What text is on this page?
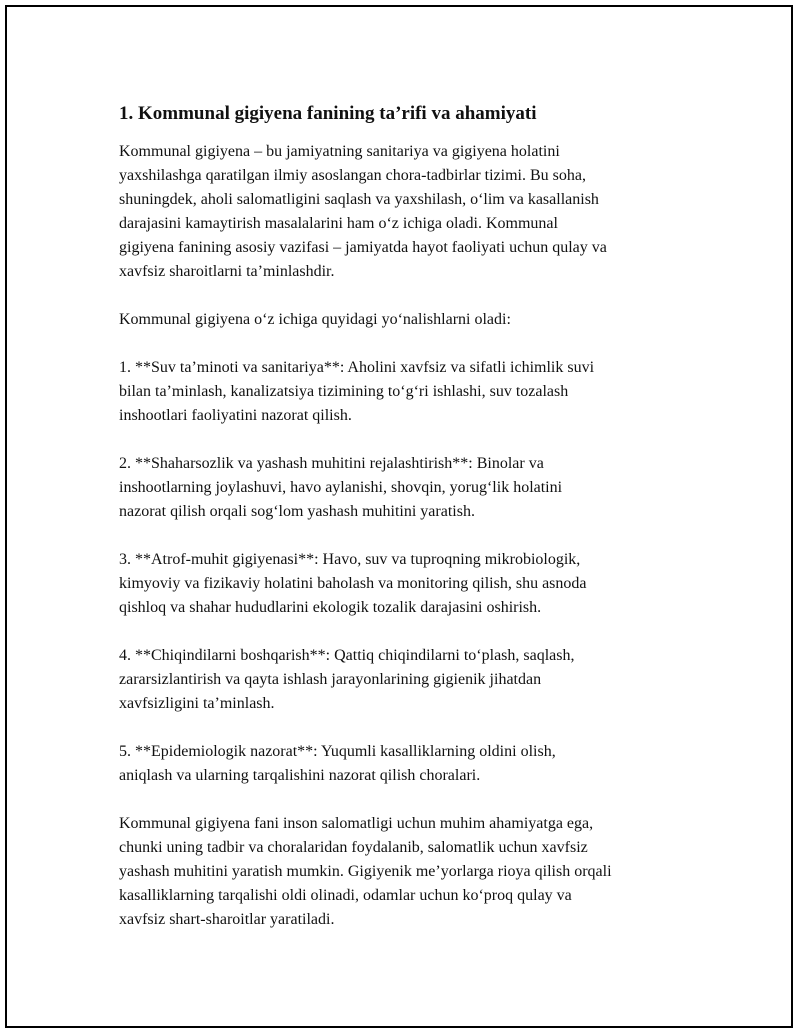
1. Kommunal gigiyena fanining ta’rifi va ahamiyati

Kommunal gigiyena – bu jamiyatning sanitariya va gigiyena holatini
yaxshilashga qaratilgan ilmiy asoslangan chora-tadbirlar tizimi. Bu soha,
shuningdek, aholi salomatligini saqlash va yaxshilash, o‘lim va kasallanish
darajasini kamaytirish masalalarini ham o‘z ichiga oladi. Kommunal
gigiyena fanining asosiy vazifasi – jamiyatda hayot faoliyati uchun qulay va
xavfsiz sharoitlarni ta’minlashdir.

Kommunal gigiyena o‘z ichiga quyidagi yo‘nalishlarni oladi:

1. **Suv ta’minoti va sanitariya**: Aholini xavfsiz va sifatli ichimlik suvi
bilan ta’minlash, kanalizatsiya tizimining to‘g‘ri ishlashi, suv tozalash
inshootlari faoliyatini nazorat qilish.

2. **Shaharsozlik va yashash muhitini rejalashtirish**: Binolar va
inshootlarning joylashuvi, havo aylanishi, shovqin, yorug‘lik holatini
nazorat qilish orqali sog‘lom yashash muhitini yaratish.

3. **Atrof-muhit gigiyenasi**: Havo, suv va tuproqning mikrobiologik,
kimyoviy va fizikaviy holatini baholash va monitoring qilish, shu asnoda
qishloq va shahar hududlarini ekologik tozalik darajasini oshirish.

4. **Chiqindilarni boshqarish**: Qattiq chiqindilarni to‘plash, saqlash,
zararsizlantirish va qayta ishlash jarayonlarining gigienik jihatdan
xavfsizligini ta’minlash.

5. **Epidemiologik nazorat**: Yuqumli kasalliklarning oldini olish,
aniqlash va ularning tarqalishini nazorat qilish choralari.

Kommunal gigiyena fani inson salomatligi uchun muhim ahamiyatga ega,
chunki uning tadbir va choralaridan foydalanib, salomatlik uchun xavfsiz
yashash muhitini yaratish mumkin. Gigiyenik me’yorlarga rioya qilish orqali
kasalliklarning tarqalishi oldi olinadi, odamlar uchun ko‘proq qulay va
xavfsiz shart-sharoitlar yaratiladi.
